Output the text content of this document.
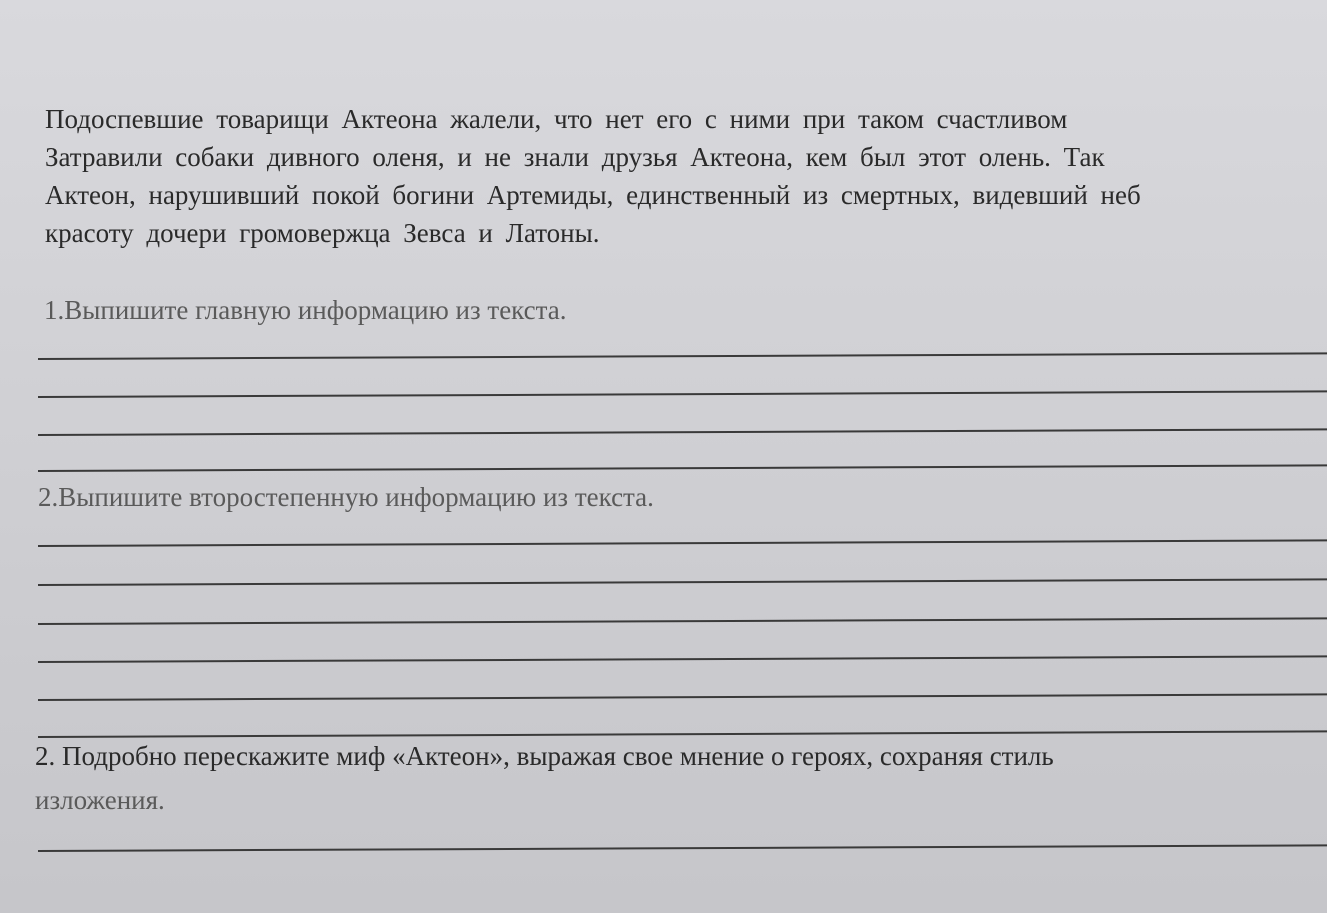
Подоспевшие товарищи Актеона жалели, что нет его с ними при таком счастливом
Затравили собаки дивного оленя, и не знали друзья Актеона, кем был этот олень. Так
Актеон, нарушивший покой богини Артемиды, единственный из смертных, видевший неб
красоту дочери громовержца Зевса и Латоны.
1.Выпишите главную информацию из текста.
2.Выпишите второстепенную информацию из текста.
2. Подробно перескажите миф «Актеон», выражая свое мнение о героях, сохраняя стиль
изложения.
